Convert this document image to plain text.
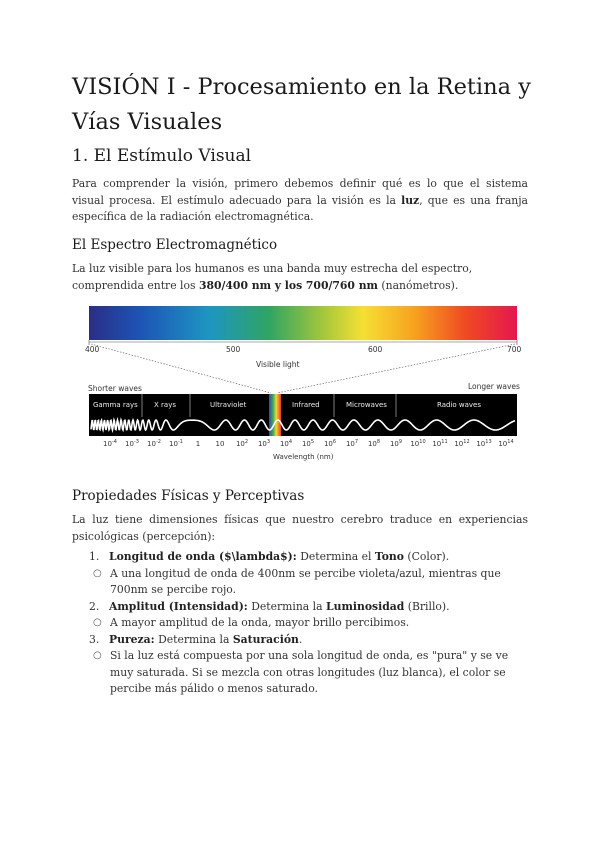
VISIÓN I - Procesamiento en la Retina y Vías Visuales
1. El Estímulo Visual

Para comprender la visión, primero debemos definir qué es lo que el sistema visual procesa. El estímulo adecuado para la visión es la luz, que es una franja específica de la radiación electromagnética.

El Espectro Electromagnético

La luz visible para los humanos es una banda muy estrecha del espectro, comprendida entre los 380/400 nm y los 700/760 nm (nanómetros).

400	500	600	700
Visible light
Shorter waves	Longer waves
Gamma rays X rays	Ultraviolet	Infrared	Microwaves	Radio waves
$10^{-4}$ $10^{-3}$ $10^{-2}$ $10^{-1}$ 1 10 $10^2$ $10^3$ $10^4$ $10^5$ $10^6$ $10^7$ $10^8$ $10^9$ $10^{10}$ $10^{11}$ $10^{12}$ $10^{13}$ $10^{14}$
Wavelength (nm)
Propiedades Físicas y Perceptivas

La luz tiene dimensiones físicas que nuestro cerebro traduce en experiencias psicológicas (percepción):

1. Longitud de onda ($\lambda$): Determina el Tono (Color).
○ A una longitud de onda de 400nm se percibe violeta/azul, mientras que 700nm se percibe rojo.
2. Amplitud (Intensidad): Determina la Luminosidad (Brillo).
○ A mayor amplitud de la onda, mayor brillo percibimos.
3. Pureza: Determina la Saturación.
○ Si la luz está compuesta por una sola longitud de onda, es "pura" y se ve muy saturada. Si se mezcla con otras longitudes (luz blanca), el color se percibe más pálido o menos saturado.
